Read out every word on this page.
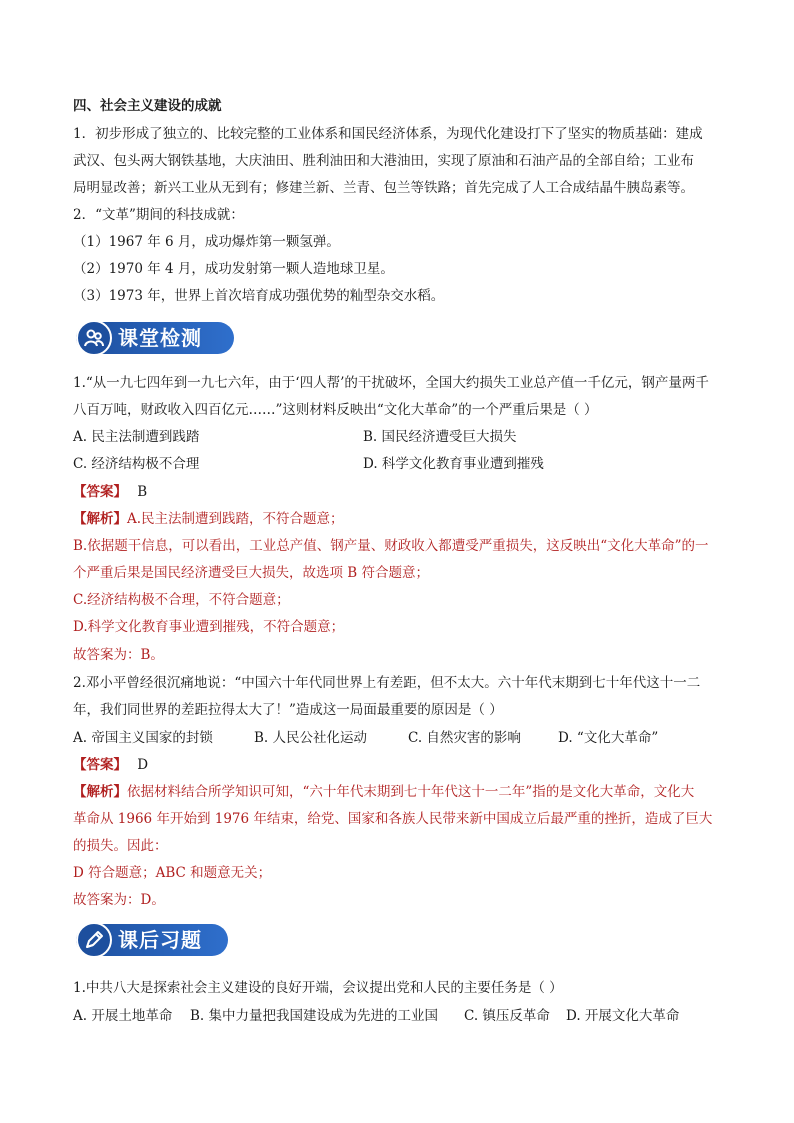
四、社会主义建设的成就
1．初步形成了独立的、比较完整的工业体系和国民经济体系，为现代化建设打下了坚实的物质基础：建成
武汉、包头两大钢铁基地，大庆油田、胜利油田和大港油田，实现了原油和石油产品的全部自给；工业布
局明显改善；新兴工业从无到有；修建兰新、兰青、包兰等铁路；首先完成了人工合成结晶牛胰岛素等。
2．“文革”期间的科技成就：
（1）1967 年 6 月，成功爆炸第一颗氢弹。
（2）1970 年 4 月，成功发射第一颗人造地球卫星。
（3）1973 年，世界上首次培育成功强优势的籼型杂交水稻。
课堂检测
1.“从一九七四年到一九七六年，由于‘四人帮’的干扰破坏，全国大约损失工业总产值一千亿元，钢产量两千
八百万吨，财政收入四百亿元……”这则材料反映出“文化大革命”的一个严重后果是（ ）
A. 民主法制遭到践踏	B. 国民经济遭受巨大损失
C. 经济结构极不合理	D. 科学文化教育事业遭到摧残
【答案】 B
【解析】A.民主法制遭到践踏，不符合题意；
B.依据题干信息，可以看出，工业总产值、钢产量、财政收入都遭受严重损失，这反映出“文化大革命”的一
个严重后果是国民经济遭受巨大损失，故选项 B 符合题意；
C.经济结构极不合理，不符合题意；
D.科学文化教育事业遭到摧残，不符合题意；
故答案为：B。
2.邓小平曾经很沉痛地说：“中国六十年代同世界上有差距，但不太大。六十年代末期到七十年代这十一二
年，我们同世界的差距拉得太大了！”造成这一局面最重要的原因是（ ）
A. 帝国主义国家的封锁	B. 人民公社化运动	C. 自然灾害的影响	D. “文化大革命”
【答案】 D
【解析】依据材料结合所学知识可知，“六十年代末期到七十年代这十一二年”指的是文化大革命，文化大
革命从 1966 年开始到 1976 年结束，给党、国家和各族人民带来新中国成立后最严重的挫折，造成了巨大
的损失。因此：
D 符合题意；ABC 和题意无关；
故答案为：D。
课后习题
1.中共八大是探索社会主义建设的良好开端，会议提出党和人民的主要任务是（ ）
A. 开展土地革命 B. 集中力量把我国建设成为先进的工业国 C. 镇压反革命 D. 开展文化大革命
